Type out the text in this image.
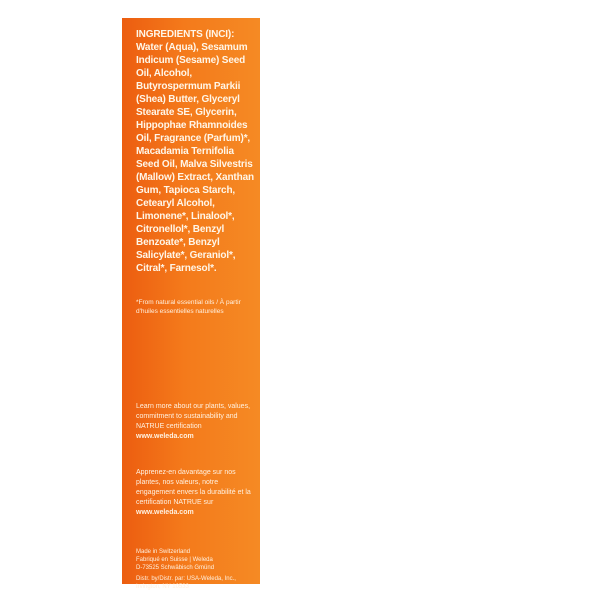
INGREDIENTS (INCI):
Water (Aqua), Sesamum Indicum (Sesame) Seed Oil, Alcohol, Butyrospermum Parkii (Shea) Butter, Glyceryl Stearate SE, Glycerin, Hippophae Rhamnoides Oil, Fragrance (Parfum)*, Macadamia Ternifolia Seed Oil, Malva Silvestris (Mallow) Extract, Xanthan Gum, Tapioca Starch, Cetearyl Alcohol, Limonene*, Linalool*, Citronellol*, Benzyl Benzoate*, Benzyl Salicylate*, Geraniol*, Citral*, Farnesol*.

*From natural essential oils / À partir d'huiles essentielles naturelles

Learn more about our plants, values, commitment to sustainability and NATRUE certification
www.weleda.com

Apprenez-en davantage sur nos plantes, nos valeurs, notre engagement envers la durabilité et la certification NATRUE sur
www.weleda.com

Made in Switzerland
Fabriqué en Suisse | Weleda
D-73525 Schwäbisch Gmünd

Distr. by/Distr. par: USA-Weleda, Inc., Irvington, NY 10533
